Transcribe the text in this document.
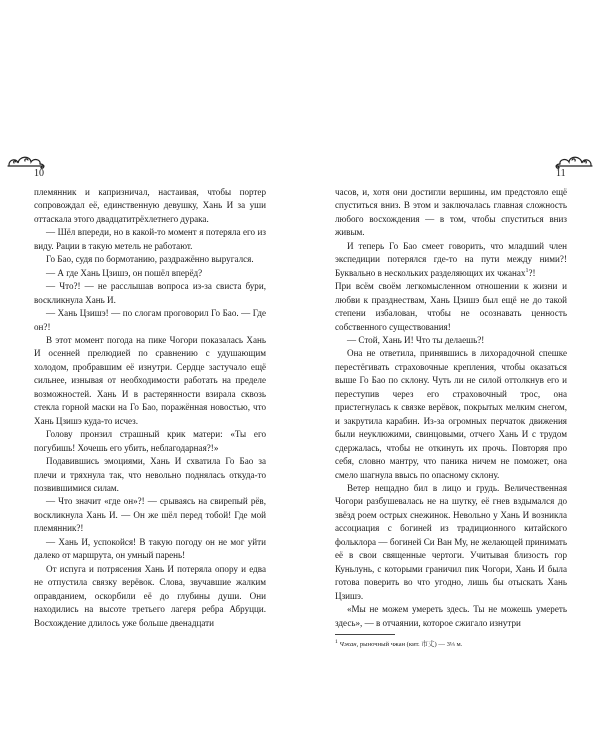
10	11

племянник и капризничал, настаивая, чтобы портер сопровождал её, единственную девушку, Хань И за уши оттаскала этого двадцатитрёхлетнего дурака.

— Шёл впереди, но в какой-то момент я потеряла его из виду. Рации в такую метель не работают.

Го Бао, судя по бормотанию, раздражённо выругался.

— А где Хань Цзишэ, он пошёл вперёд?

— Что?! — не расслышав вопроса из-за свиста бури, воскликнула Хань И.

— Хань Цзишэ! — по слогам проговорил Го Бао. — Где он?!

В этот момент погода на пике Чогори показалась Хань И осенней прелюдией по сравнению с удушающим холодом, пробравшим её изнутри. Сердце застучало ещё сильнее, изнывая от необходимости работать на пределе возможностей. Хань И в растерянности взирала сквозь стекла горной маски на Го Бао, поражённая новостью, что Хань Цзишэ куда-то исчез.

Голову пронзил страшный крик матери: «Ты его погубишь! Хочешь его убить, неблагодарная?!»

Подавившись эмоциями, Хань И схватила Го Бао за плечи и тряхнула так, что невольно поднялась откуда-то позвившимися силам.

— Что значит «где он»?! — срываясь на свирепый рёв, воскликнула Хань И. — Он же шёл перед тобой! Где мой племянник?!

— Хань И, успокойся! В такую погоду он не мог уйти далеко от маршрута, он умный парень!

От испуга и потрясения Хань И потеряла опору и едва не отпустила связку верёвок. Слова, звучавшие жалким оправданием, оскорбили её до глубины души. Они находились на высоте третьего лагеря ребра Абруцци. Восхождение длилось уже больше двенадцати

часов, и, хотя они достигли вершины, им предстояло ещё спуститься вниз. В этом и заключалась главная сложность любого восхождения — в том, чтобы спуститься вниз живым.

И теперь Го Бао смеет говорить, что младший член экспедиции потерялся где-то на пути между ними?! Буквально в нескольких разделяющих их чжанах$^1$?!

При всём своём легкомысленном отношении к жизни и любви к празднествам, Хань Цзишэ был ещё не до такой степени избалован, чтобы не осознавать ценность собственного существования!

— Стой, Хань И! Что ты делаешь?!

Она не ответила, принявшись в лихорадочной спешке перестёгивать страховочные крепления, чтобы оказаться выше Го Бао по склону. Чуть ли не силой оттолкнув его и переступив через его страховочный трос, она пристегнулась к связке верёвок, покрытых мелким снегом, и закрутила карабин. Из-за огромных перчаток движения были неуклюжими, свинцовыми, отчего Хань И с трудом сдержалась, чтобы не откинуть их прочь. Повторяя про себя, словно мантру, что паника ничем не поможет, она смело шагнула ввысь по опасному склону.

Ветер нещадно бил в лицо и грудь. Величественная Чогори разбушевалась не на шутку, её гнев вздымался до звёзд роем острых снежинок. Невольно у Хань И возникла ассоциация с богиней из традиционного китайского фольклора — богиней Си Ван Му, не желающей принимать её в свои священные чертоги. Учитывая близость гор Куньлунь, с которыми граничил пик Чогори, Хань И была готова поверить во что угодно, лишь бы отыскать Хань Цзишэ.

«Мы не можем умереть здесь. Ты не можешь умереть здесь», — в отчаянии, которое сжигало изнутри

$^1$ Чжан, рыночный чжан (кит. 市丈) — 3⅓ м.
